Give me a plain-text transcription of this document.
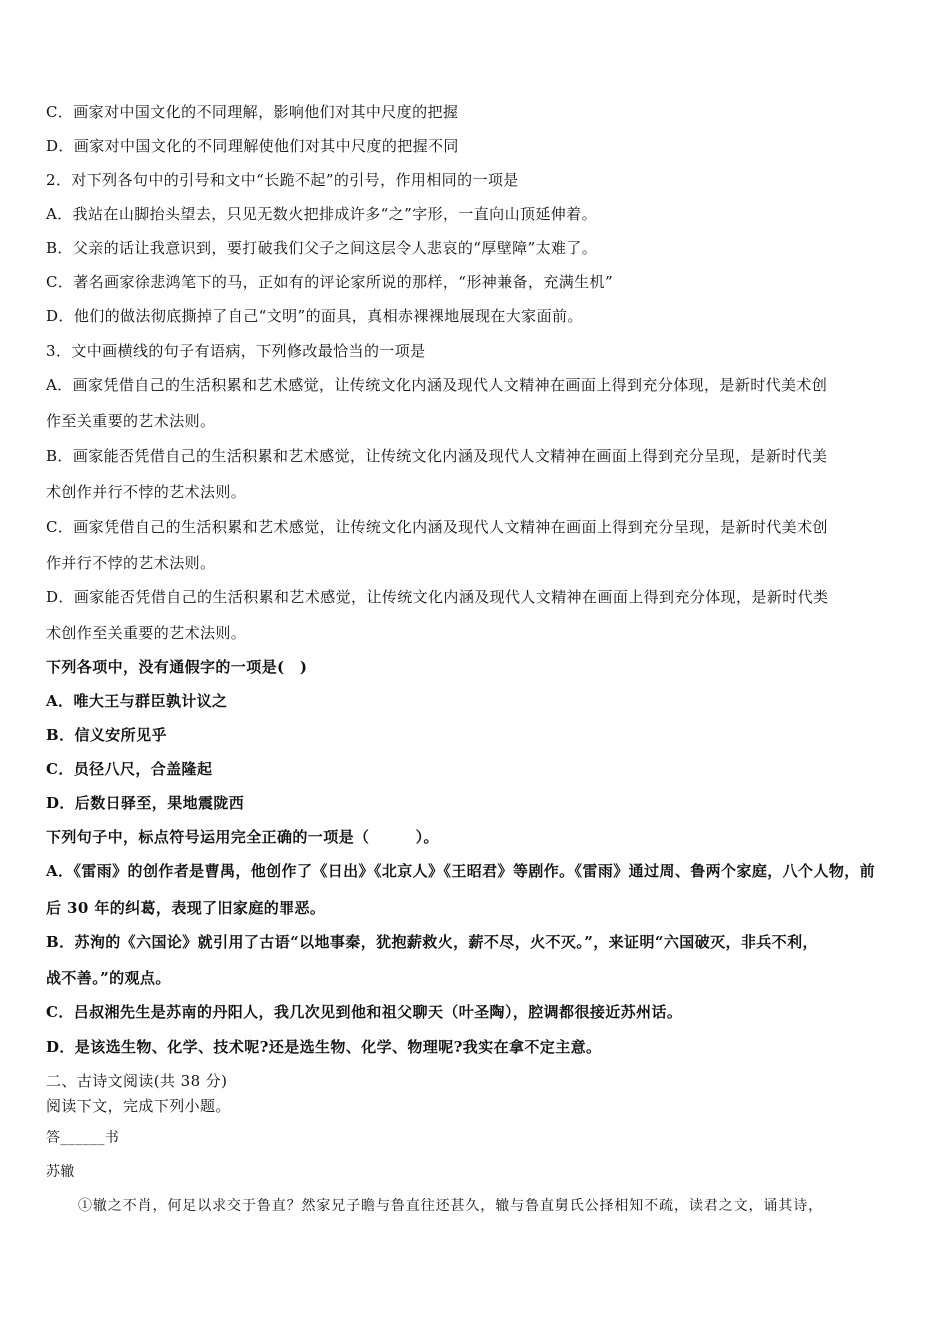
C．画家对中国文化的不同理解，影响他们对其中尺度的把握
D．画家对中国文化的不同理解使他们对其中尺度的把握不同
2．对下列各句中的引号和文中“长跪不起”的引号，作用相同的一项是
A．我站在山脚抬头望去，只见无数火把排成许多“之”字形，一直向山顶延伸着。
B．父亲的话让我意识到，要打破我们父子之间这层令人悲哀的“厚壁障”太难了。
C．著名画家徐悲鸿笔下的马，正如有的评论家所说的那样，“形神兼备，充满生机”
D．他们的做法彻底撕掉了自己“文明”的面具，真相赤裸裸地展现在大家面前。
3．文中画横线的句子有语病，下列修改最恰当的一项是
A．画家凭借自己的生活积累和艺术感觉，让传统文化内涵及现代人文精神在画面上得到充分体现，是新时代美术创
作至关重要的艺术法则。
B．画家能否凭借自己的生活积累和艺术感觉，让传统文化内涵及现代人文精神在画面上得到充分呈现，是新时代美
术创作并行不悖的艺术法则。
C．画家凭借自己的生活积累和艺术感觉，让传统文化内涵及现代人文精神在画面上得到充分呈现，是新时代美术创
作并行不悖的艺术法则。
D．画家能否凭借自己的生活积累和艺术感觉，让传统文化内涵及现代人文精神在画面上得到充分体现，是新时代类
术创作至关重要的艺术法则。
下列各项中，没有通假字的一项是(　)
A．唯大王与群臣孰计议之
B．信义安所见乎
C．员径八尺，合盖隆起
D．后数日驿至，果地震陇西
下列句子中，标点符号运用完全正确的一项是（　　　）。
A．《雷雨》的创作者是曹禺，他创作了《日出》《北京人》《王昭君》等剧作。《雷雨》通过周、鲁两个家庭，八个人物，前
后 30 年的纠葛，表现了旧家庭的罪恶。
B．苏洵的《六国论》就引用了古语“以地事秦，犹抱薪救火，薪不尽，火不灭。”，来证明“六国破灭，非兵不利，
战不善。”的观点。
C．吕叔湘先生是苏南的丹阳人，我几次见到他和祖父聊天（叶圣陶），腔调都很接近苏州话。
D．是该选生物、化学、技术呢?还是选生物、化学、物理呢?我实在拿不定主意。
二、古诗文阅读(共 38 分)
阅读下文，完成下列小题。
答______书
苏辙
①辙之不肖，何足以求交于鲁直？然家兄子瞻与鲁直往还甚久，辙与鲁直舅氏公择相知不疏，读君之文，诵其诗，
